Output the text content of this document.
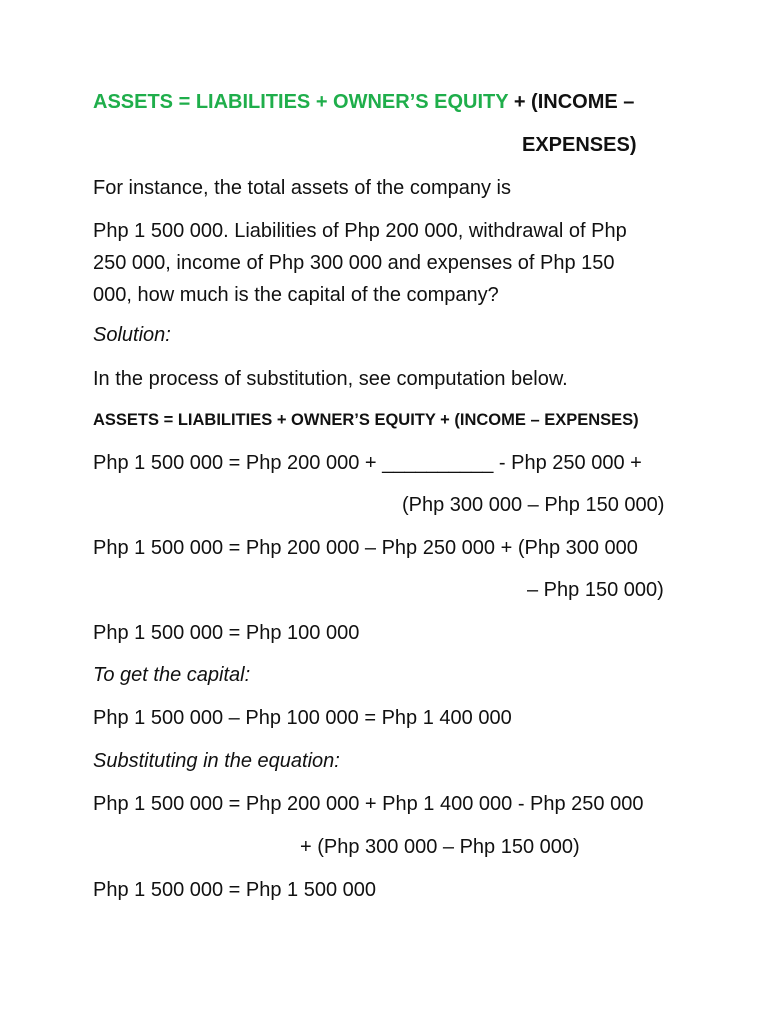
ASSETS = LIABILITIES + OWNER’S EQUITY + (INCOME –
EXPENSES)
For instance, the total assets of the company is
Php 1 500 000. Liabilities of Php 200 000, withdrawal of Php
250 000, income of Php 300 000 and expenses of Php 150
000, how much is the capital of the company?
Solution:
In the process of substitution, see computation below.
ASSETS = LIABILITIES + OWNER’S EQUITY + (INCOME – EXPENSES)
Php 1 500 000 = Php 200 000 + __________ - Php 250 000 +
(Php 300 000 – Php 150 000)
Php 1 500 000 = Php 200 000 – Php 250 000 + (Php 300 000
– Php 150 000)
Php 1 500 000 = Php 100 000
To get the capital:
Php 1 500 000 – Php 100 000 = Php 1 400 000
Substituting in the equation:
Php 1 500 000 = Php 200 000 + Php 1 400 000 - Php 250 000
+ (Php 300 000 – Php 150 000)
Php 1 500 000 = Php 1 500 000
